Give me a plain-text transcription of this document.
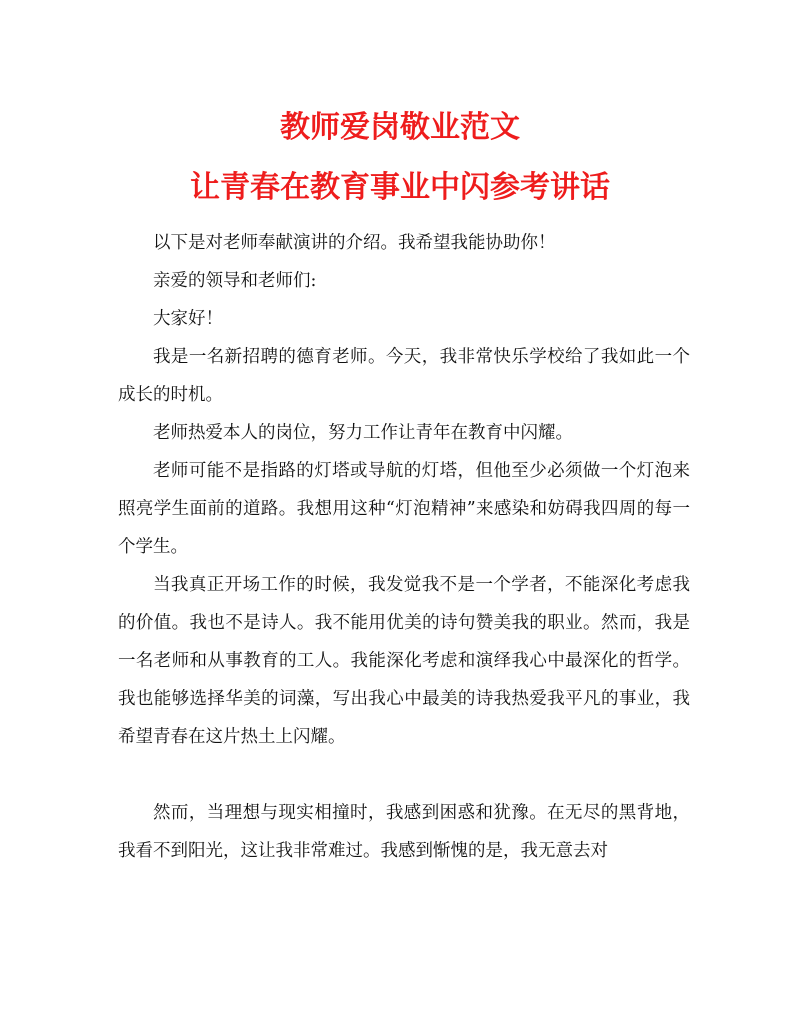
教师爱岗敬业范文
让青春在教育事业中闪参考讲话

以下是对老师奉献演讲的介绍。我希望我能协助你！

亲爱的领导和老师们:

大家好！

我是一名新招聘的德育老师。今天，我非常快乐学校给了我如此一个成长的时机。

老师热爱本人的岗位，努力工作让青年在教育中闪耀。

老师可能不是指路的灯塔或导航的灯塔，但他至少必须做一个灯泡来照亮学生面前的道路。我想用这种“灯泡精神”来感染和妨碍我四周的每一个学生。

当我真正开场工作的时候，我发觉我不是一个学者，不能深化考虑我的价值。我也不是诗人。我不能用优美的诗句赞美我的职业。然而，我是一名老师和从事教育的工人。我能深化考虑和演绎我心中最深化的哲学。我也能够选择华美的词藻，写出我心中最美的诗我热爱我平凡的事业，我希望青春在这片热土上闪耀。

然而，当理想与现实相撞时，我感到困惑和犹豫。在无尽的黑背地，我看不到阳光，这让我非常难过。我感到惭愧的是，我无意去对
